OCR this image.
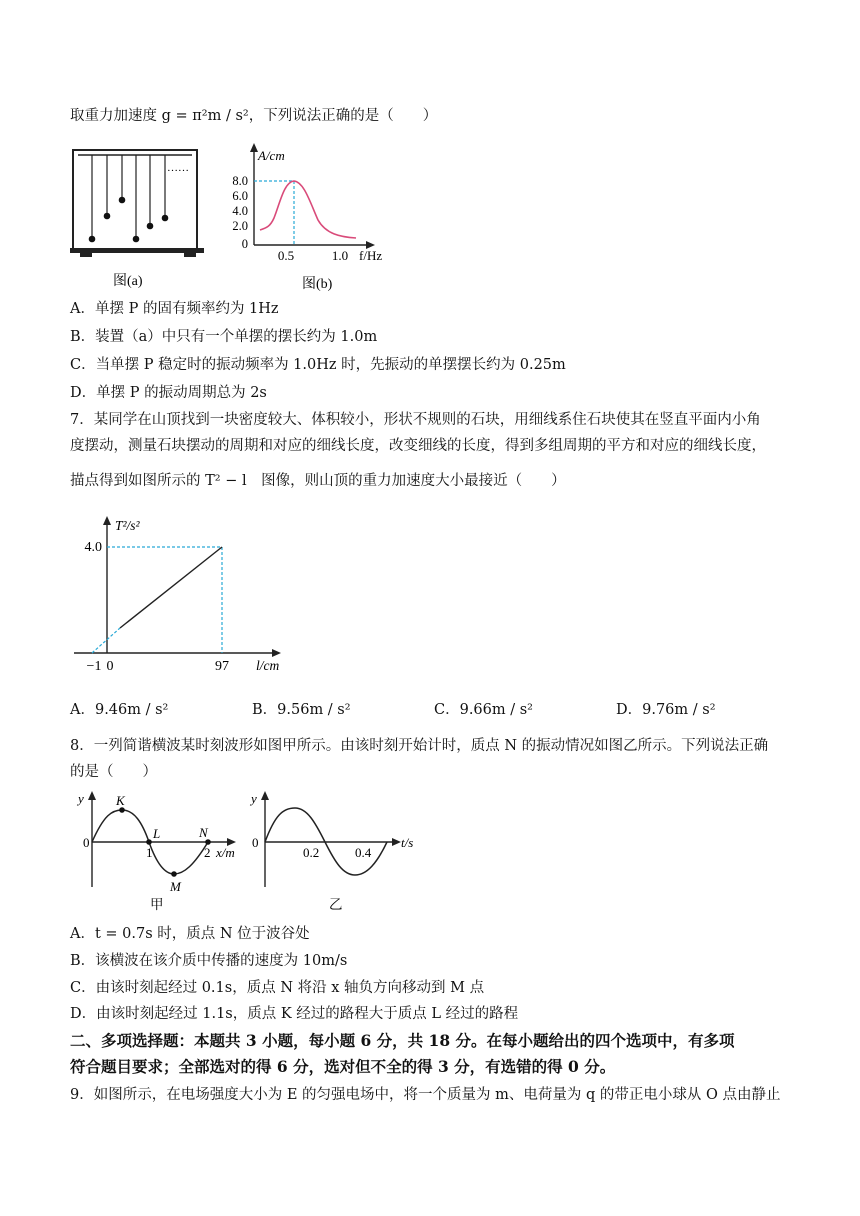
取重力加速度 g = π²m / s²，下列说法正确的是（　　）
……
图(a)
A/cm
f/Hz
8.0
6.0
4.0
2.0
0
0.5	1.0
图(b)
A．单摆 P 的固有频率约为 1Hz
B．装置（a）中只有一个单摆的摆长约为 1.0m
C．当单摆 P 稳定时的振动频率为 1.0Hz 时，先振动的单摆摆长约为 0.25m
D．单摆 P 的振动周期总为 2s
7．某同学在山顶找到一块密度较大、体积较小，形状不规则的石块，用细线系住石块使其在竖直平面内小角
度摆动，测量石块摆动的周期和对应的细线长度，改变细线的长度，得到多组周期的平方和对应的细线长度，
描点得到如图所示的 T² − l　图像，则山顶的重力加速度大小最接近（　　）
T²/s²
l/cm
4.0
−1 0	97
A．9.46m / s²	B．9.56m / s²	C．9.66m / s²	D．9.76m / s²
8．一列简谐横波某时刻波形如图甲所示。由该时刻开始计时，质点 N 的振动情况如图乙所示。下列说法正确
的是（　　）
y
0
K
L
M
N
1	2 x/m
甲
y
0
0.2	0.4
t/s
乙
A．t = 0.7s 时，质点 N 位于波谷处
B．该横波在该介质中传播的速度为 10m/s
C．由该时刻起经过 0.1s，质点 N 将沿 x 轴负方向移动到 M 点
D．由该时刻起经过 1.1s，质点 K 经过的路程大于质点 L 经过的路程
二、多项选择题：本题共 3 小题，每小题 6 分，共 18 分。在每小题给出的四个选项中，有多项
符合题目要求；全部选对的得 6 分，选对但不全的得 3 分，有选错的得 0 分。
9．如图所示，在电场强度大小为 E 的匀强电场中，将一个质量为 m、电荷量为 q 的带正电小球从 O 点由静止
